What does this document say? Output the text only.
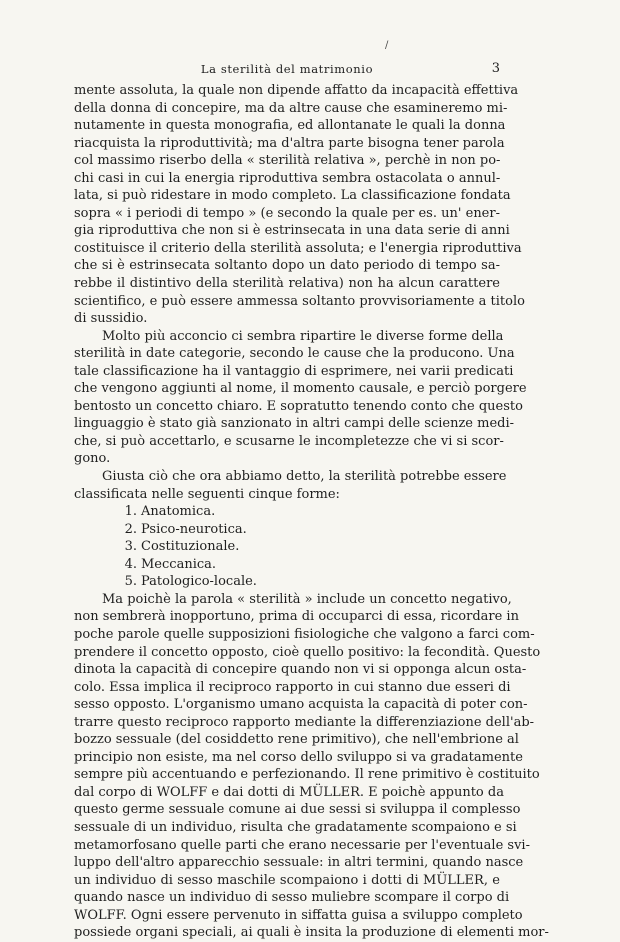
/
La sterilità del matrimonio	3
mente assoluta, la quale non dipende affatto da incapacità effettiva
della donna di concepire, ma da altre cause che esamineremo mi-
nutamente in questa monografia, ed allontanate le quali la donna
riacquista la riproduttività; ma d'altra parte bisogna tener parola
col massimo riserbo della « sterilità relativa », perchè in non po-
chi casi in cui la energia riproduttiva sembra ostacolata o annul-
lata, si può ridestare in modo completo. La classificazione fondata
sopra « i periodi di tempo » (e secondo la quale per es. un' ener-
gia riproduttiva che non si è estrinsecata in una data serie di anni
costituisce il criterio della sterilità assoluta; e l'energia riproduttiva
che si è estrinsecata soltanto dopo un dato periodo di tempo sa-
rebbe il distintivo della sterilità relativa) non ha alcun carattere
scientifico, e può essere ammessa soltanto provvisoriamente a titolo
di sussidio.
Molto più acconcio ci sembra ripartire le diverse forme della
sterilità in date categorie, secondo le cause che la producono. Una
tale classificazione ha il vantaggio di esprimere, nei varii predicati
che vengono aggiunti al nome, il momento causale, e perciò porgere
bentosto un concetto chiaro. E sopratutto tenendo conto che questo
linguaggio è stato già sanzionato in altri campi delle scienze medi-
che, si può accettarlo, e scusarne le incompletezze che vi si scor-
gono.
Giusta ciò che ora abbiamo detto, la sterilità potrebbe essere
classificata nelle seguenti cinque forme:
1. Anatomica.
2. Psico-neurotica.
3. Costituzionale.
4. Meccanica.
5. Patologico-locale.
Ma poichè la parola « sterilità » include un concetto negativo,
non sembrerà inopportuno, prima di occuparci di essa, ricordare in
poche parole quelle supposizioni fisiologiche che valgono a farci com-
prendere il concetto opposto, cioè quello positivo: la fecondità. Questo
dinota la capacità di concepire quando non vi si opponga alcun osta-
colo. Essa implica il reciproco rapporto in cui stanno due esseri di
sesso opposto. L'organismo umano acquista la capacità di poter con-
trarre questo reciproco rapporto mediante la differenziazione dell'ab-
bozzo sessuale (del cosiddetto rene primitivo), che nell'embrione al
principio non esiste, ma nel corso dello sviluppo si va gradatamente
sempre più accentuando e perfezionando. Il rene primitivo è costituito
dal corpo di WOLFF e dai dotti di MÜLLER. E poichè appunto da
questo germe sessuale comune ai due sessi si sviluppa il complesso
sessuale di un individuo, risulta che gradatamente scompaiono e si
metamorfosano quelle parti che erano necessarie per l'eventuale svi-
luppo dell'altro apparecchio sessuale: in altri termini, quando nasce
un individuo di sesso maschile scompaiono i dotti di MÜLLER, e
quando nasce un individuo di sesso muliebre scompare il corpo di
WOLFF. Ogni essere pervenuto in siffatta guisa a sviluppo completo
possiede organi speciali, ai quali è insita la produzione di elementi mor-
